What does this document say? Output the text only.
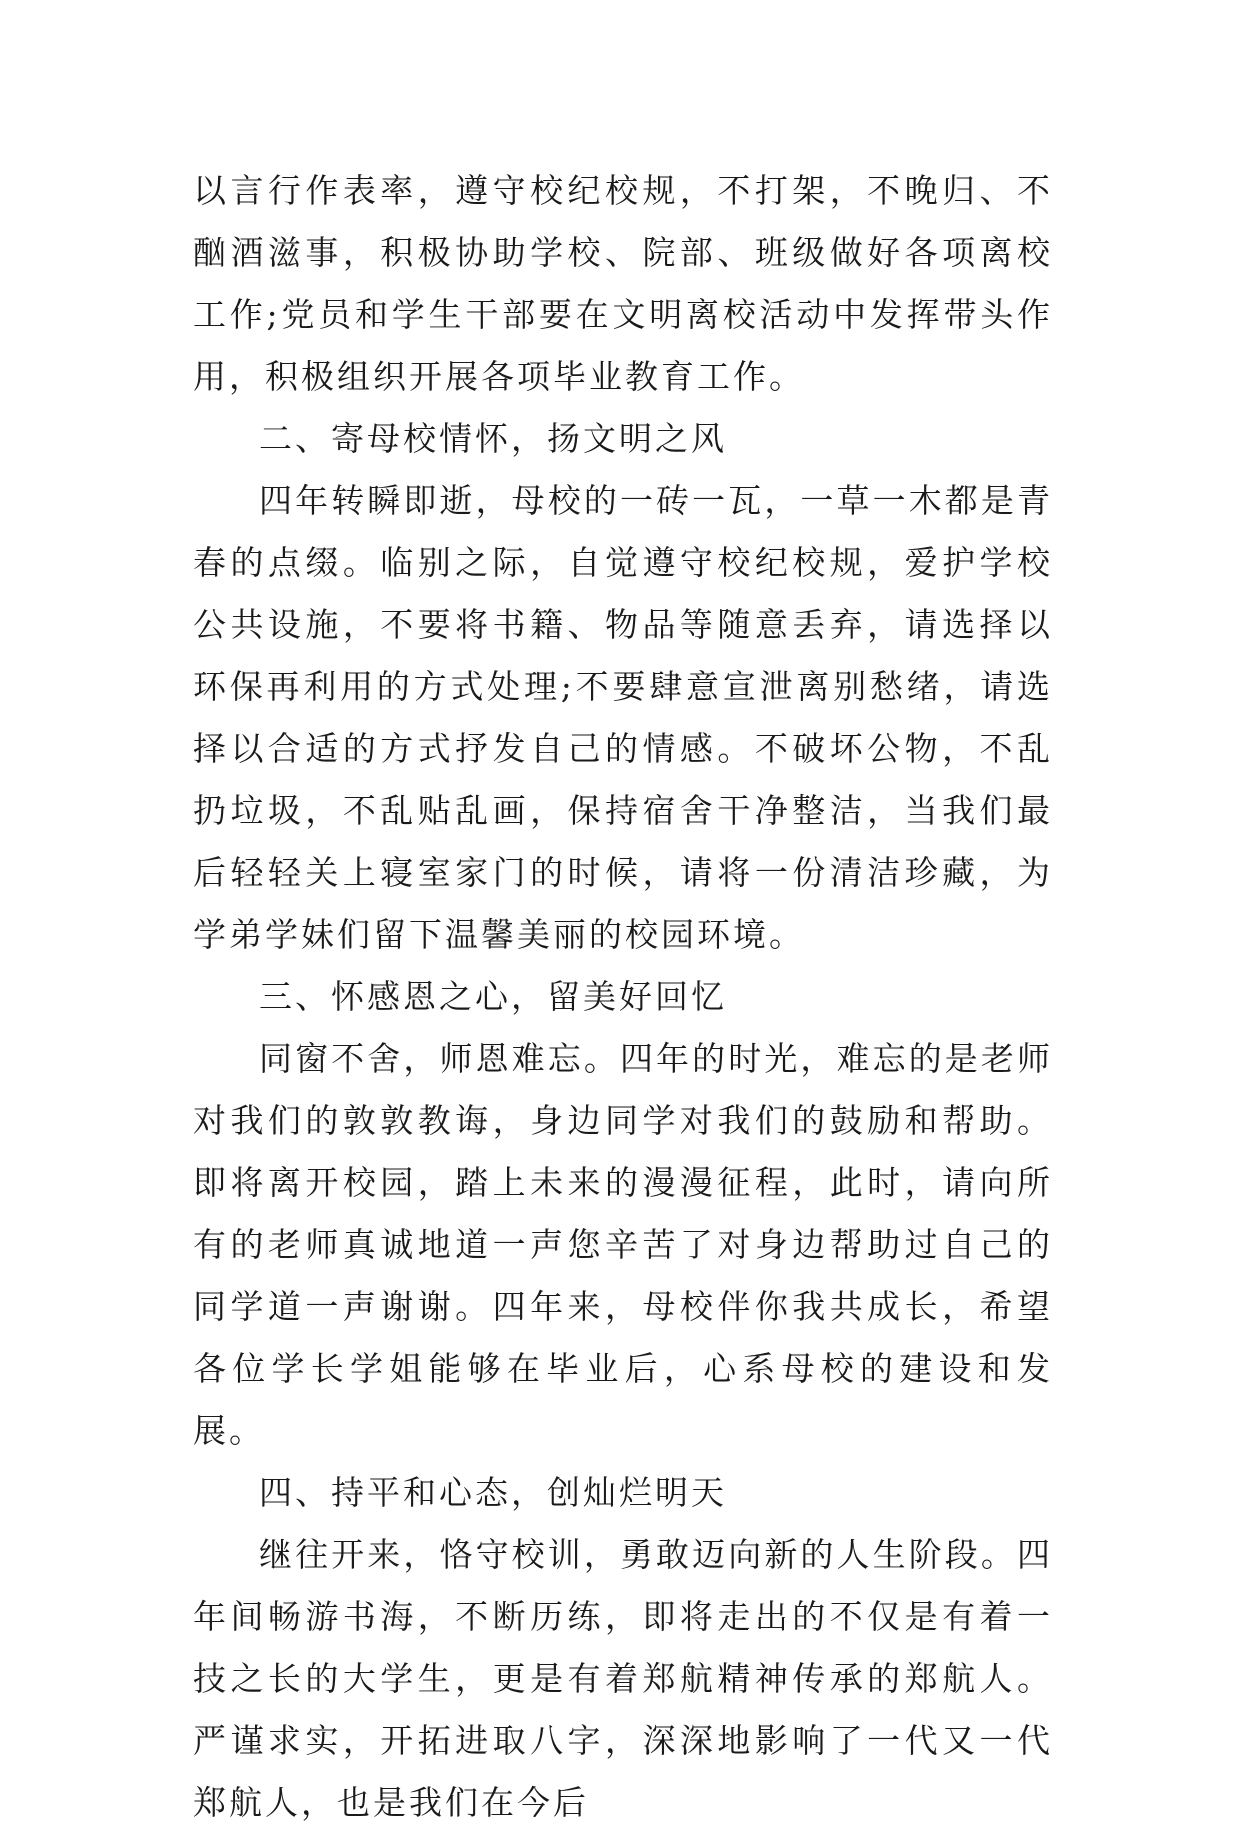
以言行作表率，遵守校纪校规，不打架，不晚归、不酗酒滋事，积极协助学校、院部、班级做好各项离校工作;党员和学生干部要在文明离校活动中发挥带头作用，积极组织开展各项毕业教育工作。

二、寄母校情怀，扬文明之风

四年转瞬即逝，母校的一砖一瓦，一草一木都是青春的点缀。临别之际，自觉遵守校纪校规，爱护学校公共设施，不要将书籍、物品等随意丢弃，请选择以环保再利用的方式处理;不要肆意宣泄离别愁绪，请选择以合适的方式抒发自己的情感。不破坏公物，不乱扔垃圾，不乱贴乱画，保持宿舍干净整洁，当我们最后轻轻关上寝室家门的时候，请将一份清洁珍藏，为学弟学妹们留下温馨美丽的校园环境。

三、怀感恩之心，留美好回忆

同窗不舍，师恩难忘。四年的时光，难忘的是老师对我们的敦敦教诲，身边同学对我们的鼓励和帮助。即将离开校园，踏上未来的漫漫征程，此时，请向所有的老师真诚地道一声您辛苦了对身边帮助过自己的同学道一声谢谢。四年来，母校伴你我共成长，希望各位学长学姐能够在毕业后，心系母校的建设和发展。

四、持平和心态，创灿烂明天

继往开来，恪守校训，勇敢迈向新的人生阶段。四年间畅游书海，不断历练，即将走出的不仅是有着一技之长的大学生，更是有着郑航精神传承的郑航人。严谨求实，开拓进取八字，深深地影响了一代又一代郑航人，也是我们在今后
